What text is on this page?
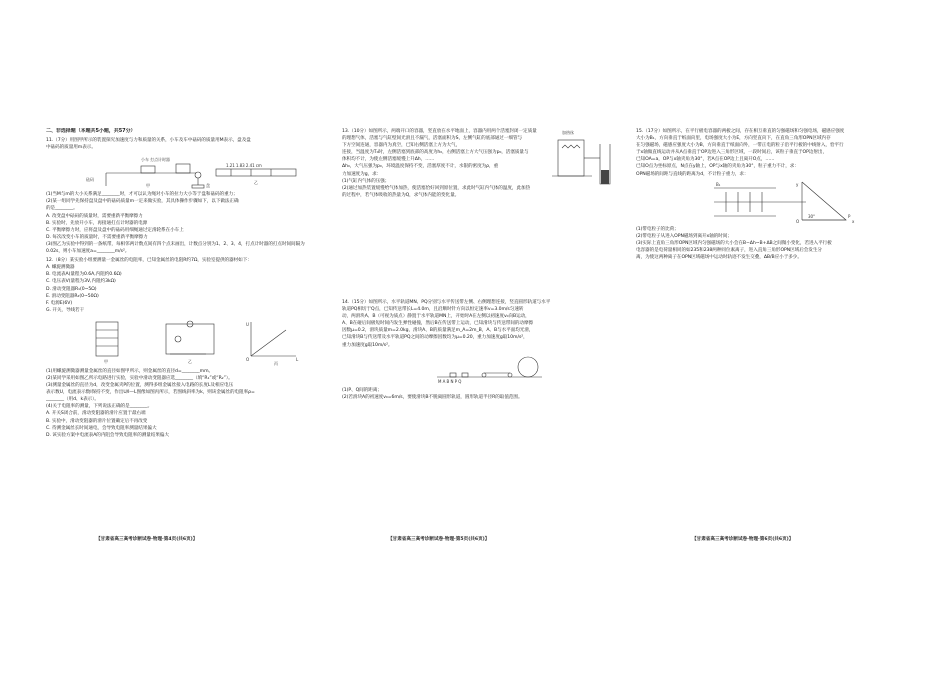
二、非选择题（本题共5小题，共57分）

11.（7分）用图甲所示的装置探究加速度与力和质量的关系，小车及车中砝码的质量用M表示，盘及盘

中砝码的质量用m表示。

小车 打点计时器
砝码
盘
甲
1.21 1.83 2.41 cm
乙

(1)当M与m的大小关系满足________时，才可以认为绳对小车的拉力大小等于盘和砝码的重力；

(2)某一组同学先保持盘及盘中的砝码质量m一定来做实验，其具体操作步骤如下，以下做法正确

的是________。

A. 改变盘中砝码的质量时，需要重新平衡摩擦力

B. 实验时，先放开小车，再接通打点计时器的电源

C. 平衡摩擦力时，应将盘及盘中的砝码用细绳通过定滑轮系在小车上

D. 每次改变小车的质量时，不需要重新平衡摩擦力

(3)图乙为实验中得到的一条纸带，每相邻两计数点间有四个点未画出，计数点分别为1、2、3、4，打点计时器的打点时间间隔为

0.02s，则小车加速度a=________m/s²。

12.（8分）某实验小组要测量一金属丝的电阻率，已知金属丝的电阻R约7Ω，实验室提供的器材如下：

A. 螺旋测微器

B. 电流表A(量程为0.6A,内阻约0.6Ω)

C. 电压表V(量程为3V,内阻约3kΩ)

D. 滑动变阻器R₁(0~5Ω)

E. 滑动变阻器R₂(0~50Ω)

F. 电源E(6V)

G. 开关，导线若干

甲	乙
U
L
O
丙

(1)用螺旋测微器测量金属丝的直径如图甲所示，则金属丝的直径d=________mm。

(2)某同学采用如图乙所示电路进行实验，实验中滑动变阻器应选________（填“R₁”或“R₂”）。

(3)测量金属丝的直径为d，改变金属夹P的位置，测得多组金属丝接入电路的长度L及相应电压

表示数U，电流表示数I保持不变，作出U/I—L图像如图丙所示，若图线斜率为k，则该金属丝的电阻率ρ=

________（用d、k表示）。

(4)关于电阻率的测量，下列说法正确的是________。

A. 开关S闭合前，滑动变阻器的滑片应置于最右端

B. 实验中，滑动变阻器的滑片位置确定后不再改变

C. 待测金属丝长时间通电，会导致电阻率测量结果偏大

D. 该实验方案中电流表A的内阻会导致电阻率的测量结果偏大

【甘肃省高三高考诊断试卷·物理·第4页(共6页)】

13.（10分）如图所示，两端开口的容器，竖直放在水平地面上，容器内用两个活塞封闭一定质量

的理想气体，活塞与气缸壁间光滑且不漏气，活塞面积为S，左侧气缸的底部通过一细管与

下方空间连通，容器内为真空，已知右侧活塞上方为大气，

连接，当温度为T₀时，左侧活塞到底部的高度为h₀，右侧活塞上方大气压强为p₀，活塞质量与

体积均不计，为使左侧活塞缓慢上升Δh，……

Δh₀，大气压强为p₀，环境温度保持不变，活塞厚度不计，水银的密度为ρ，重

力加速度为g，求：

加热丝

(1)气缸内气体的压强；

(2)通过加热装置缓慢给气体加热，使活塞恰好回到原位置，求此时气缸内气体的温度，此加热

的过程中，若气体吸收的热量为Q，求气体内能的变化量。

14.（15分）如图所示，水平轨道MN、PQ分别与水平传送带左侧、右侧理想连接，竖直圆形轨道与水平

轨道PQ相切于Q点，已知传送带长L=4.0m，且沿顺时针方向以恒定速率v=3.0m/s匀速转

动，两滑块A、B（可视为质点）静置于水平轨道MN上，开始时A在左侧以初速度v₀向B运动，

A、B在碰后间极短时间内发生弹性碰撞，然后B在传送带上运动，已知滑块与传送带间的动摩擦

因数μ=0.2，滑块质量m=2.0kg，滑块A、B的质量满足m_A=2m_B，A、B与水平面均光滑，

已知滑块B与传送带及水平轨道PQ之间的动摩擦因数均为μ=0.20，重力加速度g取10m/s²，

重力加速度g取10m/s²。

M A B N P Q

(1)P、Q间的距离；

(2)若滑块A的初速度v₀=6m/s，要使滑块B不脱离圆形轨道，圆形轨道半径R的取值范围。

【甘肃省高三高考诊断试卷·物理·第5页(共6页)】

15.（17分）如图所示，在平行板电容器的两板之间，存在相互垂直的匀强磁场和匀强电场，磁感应强度

大小为B₁，方向垂直于纸面向里，电场强度大小为E，方向竖直向下，在直角三角形OPN区域内存

在匀强磁场，磁感应强度大小为B，方向垂直于纸面向外，一带正电的粒子沿平行板的中线射入，恰平行

于x轴做直线运动并从A点垂直于OP边进入三角形区域，一段时间后，该粒子垂直于OP边射出，

已知OA=a，OP与x轴夹角为30°，若A点在OP边上且离开O点，……

已知O点为坐标原点，N点在y轴上，OP与x轴的夹角为30°，粒子重力不计，求：

OPN磁场的间距与直线的距离为d，不计粒子重力，求：

B₁
30°
O
P
x
y

(1)带电粒子的比荷；

(2)带电粒子从进入OPN磁场到离开x轴的时间；

(3)实际上直角三角形OPN区域内匀强磁场的大小会在B−Δh~B+ΔB之间微小变化，若进入平行板

电容器的是电荷量相同的如235和238两种同位素离子，进入直角三角形OPN区域后会发生分

离，为使这两种离子在OPN区域磁场中运动时轨迹不发生交叠，ΔB/B应小于多少。

【甘肃省高三高考诊断试卷·物理·第6页(共6页)】
